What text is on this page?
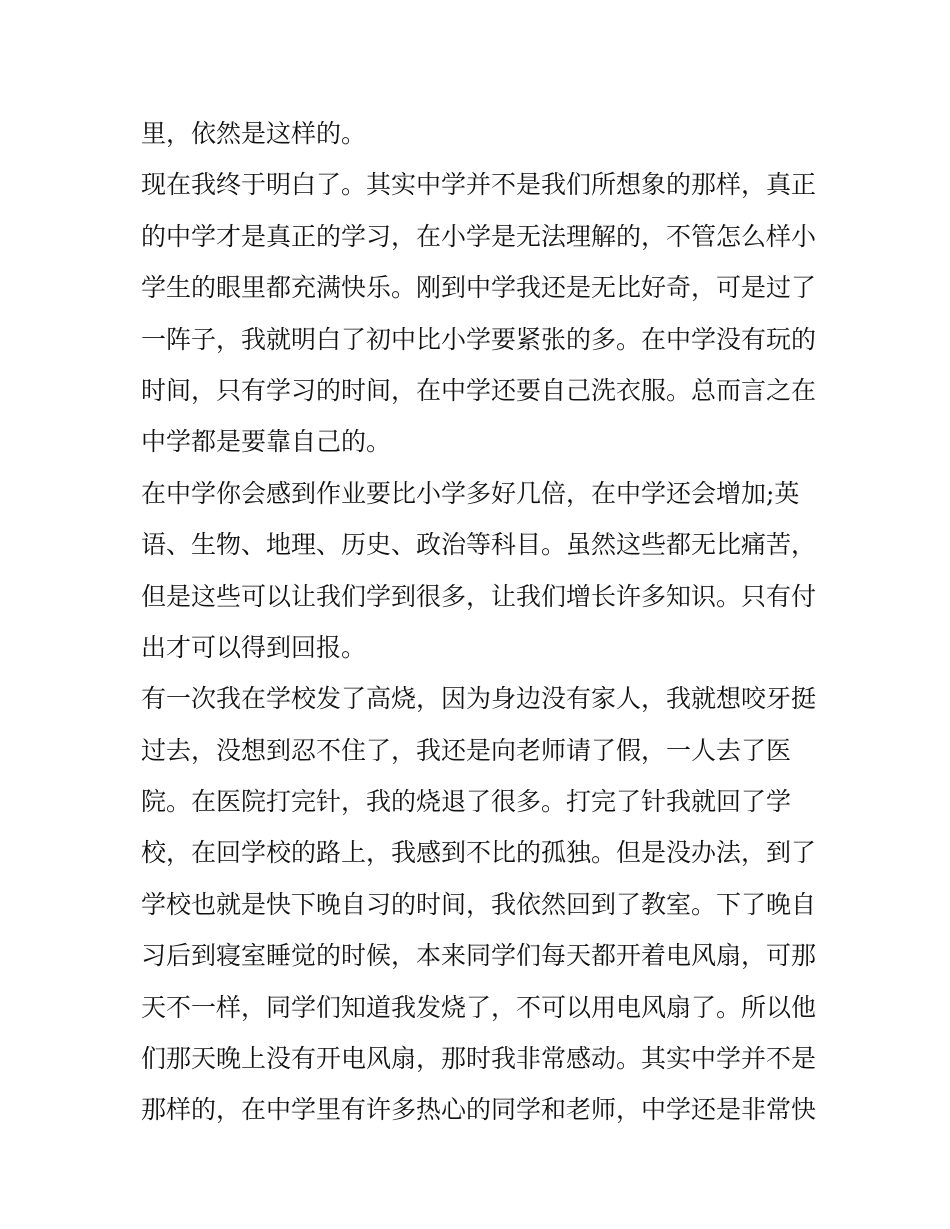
里，依然是这样的。
现在我终于明白了。其实中学并不是我们所想象的那样，真正
的中学才是真正的学习，在小学是无法理解的，不管怎么样小
学生的眼里都充满快乐。刚到中学我还是无比好奇，可是过了
一阵子，我就明白了初中比小学要紧张的多。在中学没有玩的
时间，只有学习的时间，在中学还要自己洗衣服。总而言之在
中学都是要靠自己的。
在中学你会感到作业要比小学多好几倍，在中学还会增加;英
语、生物、地理、历史、政治等科目。虽然这些都无比痛苦，
但是这些可以让我们学到很多，让我们增长许多知识。只有付
出才可以得到回报。
有一次我在学校发了高烧，因为身边没有家人，我就想咬牙挺
过去，没想到忍不住了，我还是向老师请了假，一人去了医
院。在医院打完针，我的烧退了很多。打完了针我就回了学
校，在回学校的路上，我感到不比的孤独。但是没办法，到了
学校也就是快下晚自习的时间，我依然回到了教室。下了晚自
习后到寝室睡觉的时候，本来同学们每天都开着电风扇，可那
天不一样，同学们知道我发烧了，不可以用电风扇了。所以他
们那天晚上没有开电风扇，那时我非常感动。其实中学并不是
那样的，在中学里有许多热心的同学和老师，中学还是非常快
